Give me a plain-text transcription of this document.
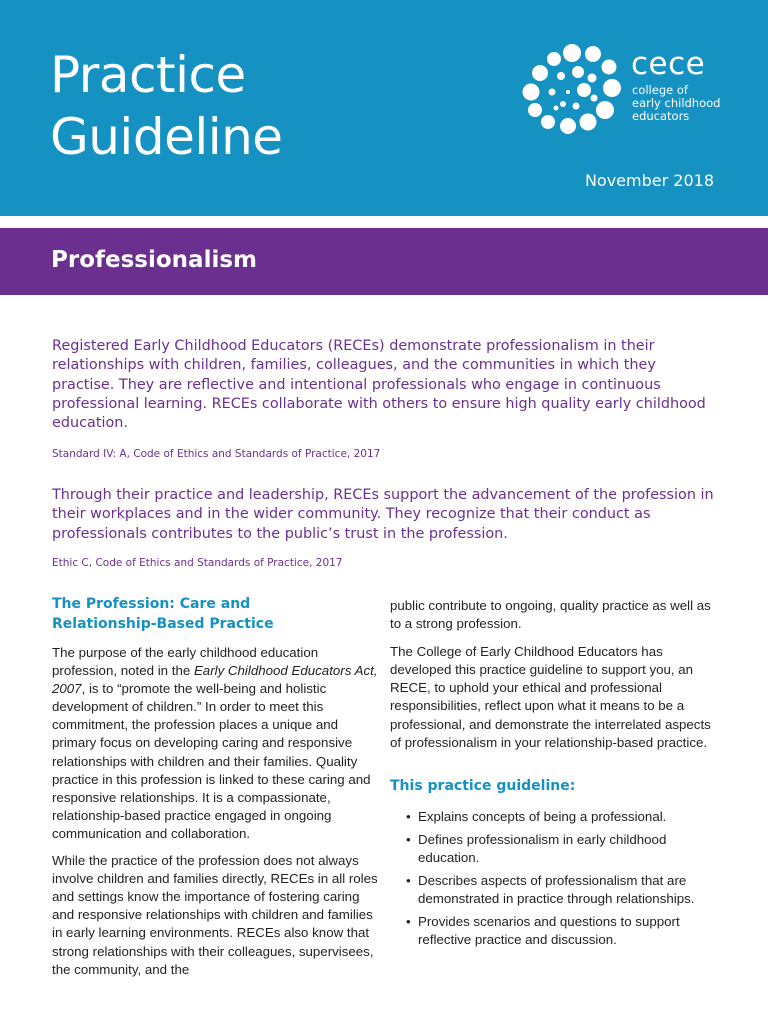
Practice
Guideline
cece
college of
early childhood
educators
November 2018
Professionalism

Registered Early Childhood Educators (RECEs) demonstrate professionalism in their relationships with children, families, colleagues, and the communities in which they practise. They are reflective and intentional professionals who engage in continuous professional learning. RECEs collaborate with others to ensure high quality early childhood education.

Standard IV: A, Code of Ethics and Standards of Practice, 2017

Through their practice and leadership, RECEs support the advancement of the profession in their workplaces and in the wider community. They recognize that their conduct as professionals contributes to the public’s trust in the profession.

Ethic C, Code of Ethics and Standards of Practice, 2017

The Profession: Care and
Relationship-Based Practice

The purpose of the early childhood education profession, noted in the Early Childhood Educators Act, 2007, is to “promote the well-being and holistic development of children.” In order to meet this commitment, the profession places a unique and primary focus on developing caring and responsive relationships with children and their families. Quality practice in this profession is linked to these caring and responsive relationships. It is a compassionate, relationship-based practice engaged in ongoing communication and collaboration.

While the practice of the profession does not always involve children and families directly, RECEs in all roles and settings know the importance of fostering caring and responsive relationships with children and families in early learning environments. RECEs also know that strong relationships with their colleagues, supervisees, the community, and the

public contribute to ongoing, quality practice as well as to a strong profession.

The College of Early Childhood Educators has developed this practice guideline to support you, an RECE, to uphold your ethical and professional responsibilities, reflect upon what it means to be a professional, and demonstrate the interrelated aspects of professionalism in your relationship-based practice.

This practice guideline:
• Explains concepts of being a professional.
• Defines professionalism in early childhood education.
• Describes aspects of professionalism that are demonstrated in practice through relationships.
• Provides scenarios and questions to support reflective practice and discussion.
